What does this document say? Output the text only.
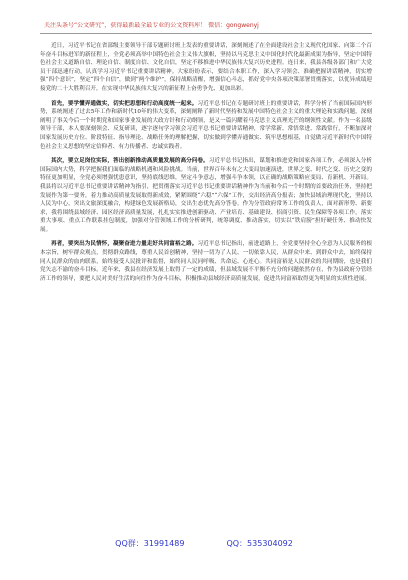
关注头条号“公文研究”，获得最新最全最专业的公文资料库！ 微信：gongwenyj

近日，习近平书记在省部级主要领导干部专题研讨班上发表的重要讲话，深刻阐述了在全面建设社会主义现代化国家、向第二个百年奋斗目标进军的新征程上，全党必须高举中国特色社会主义伟大旗帜，坚持以马克思主义中国化时代化最新成果为指导，坚定中国特色社会主义道路自信、理论自信、制度自信、文化自信，坚定不移推进中华民族伟大复兴历史进程。连日来，我县各级各部门和广大党员干部迅速行动，认真学习习近平书记重要讲话精神。大家纷纷表示，要结合本职工作，深入学习领会、准确把握讲话精神，切实增强“四个意识”，坚定“四个自信”，做到“两个维护”，保持战略清醒，增强信心斗志，抓好党中央各项决策部署贯彻落实，以优异成绩迎接党的二十大胜利召开，在实现中华民族伟大复兴的新征程上奋勇争先、更加出彩。

首先，要学懂弄通做实，切实把思想和行动高度统一起来。习近平总书记在专题研讨班上的重要讲话，科学分析了当前国际国内形势，系统阐述了过去5年工作和新时代10年的伟大变革，深刻阐释了新时代坚持和发展中国特色社会主义的重大理论和实践问题，深刻阐明了事关今后一个时期党和国家事业发展的大政方针和行动纲领，是又一篇闪耀着马克思主义真理光芒的纲领性文献。作为一名县级领导干部，本人要深刻领会、反复研读，逐字逐句学习领会习近平总书记重要讲话精神，常学常新、常悟常进、常践常行，不断加深对国家发展历史方位、阶段特征、指导理论、战略任务的理解把握，切实做到学懂弄通做实、筑牢思想根基，自觉做习近平新时代中国特色社会主义思想的坚定信仰者、有力传播者、忠诚实践者。

其次，要立足岗位实际，答出创新推动高质量发展的高分问卷。习近平总书记指出，谋划和推进党和国家各项工作，必须深入分析国际国内大势，科学把握我们面临的战略机遇和风险挑战。当前，世界百年未有之大变局加速演进，世界之变、时代之变、历史之变的特征更加明显，全党必须增强忧患意识，坚持底线思维，坚定斗争意志，增强斗争本领，以正确的战略策略应变局、育新机、开新局。我县将以习近平总书记重要讲话精神为指引，把贯彻落实习近平总书记重要讲话精神作为当前和今后一个时期的首要政治任务，坚持把发展作为第一要务，着力推动高质量发展取得新成效，紧紧围绕“六稳”“六保”工作，交出经济高分报表；加快县域治理现代化，坚持以人民为中心，突出文旅深度融合，构建绿色发展新格局，交出生态优先高分答卷。作为分管政府常务工作的负责人，面对新形势、新要求，我将围绕县域经济、园区经济高质量发展，扎扎实实推进创新驱动、产业培育、基础建设、招商引资、民生保障等各项工作，落实重大事项、重点工作联系挂包制度，加强对分管领域工作的分析研判，统筹调度、推动落实，切实以“铁肩膀”担好硬任务、推动快发展。

再者，要突出为民情怀，凝聚奋进力量走好共同富裕之路。习近平总书记指出，前进道路上，全党要坚持全心全意为人民服务的根本宗旨，树牢群众观点，贯彻群众路线，尊重人民首创精神，坚持一切为了人民、一切依靠人民，从群众中来、到群众中去，始终保持同人民群众的血肉联系，始终接受人民批评和监督，始终同人民同呼吸、共命运、心连心。共同富裕是人民群众的共同期盼，也是我们党矢志不渝的奋斗目标。近年来，我县在经济发展上取得了一定的成绩，但县域发展不平衡不充分的问题依然存在，作为县政府分管经济工作的领导，要把人民对美好生活的向往作为奋斗目标，积极推动县域经济高质量发展，促进共同富裕取得更为明显的实质性进展。

QQ群：31991489	QQ：535304092
